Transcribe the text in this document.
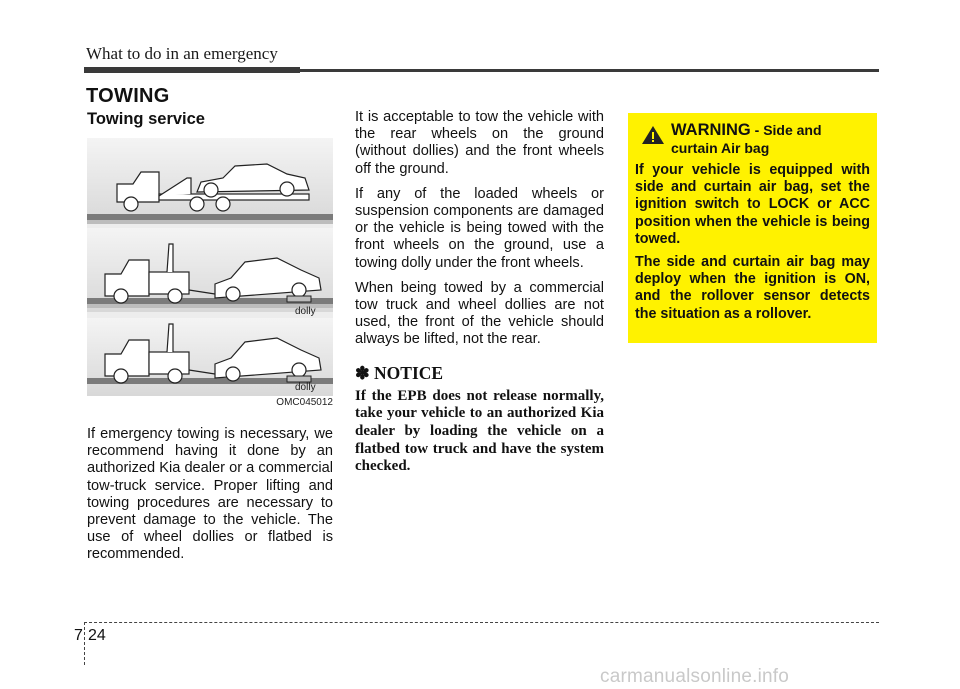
What to do in an emergency
TOWING
Towing service
dolly
dolly
OMC045012
If emergency towing is necessary, we recommend having it done by an authorized Kia dealer or a commercial tow-truck service. Proper lifting and towing procedures are necessary to prevent damage to the vehicle. The use of wheel dollies or flatbed is recommended.

It is acceptable to tow the vehicle with the rear wheels on the ground (without dollies) and the front wheels off the ground.

If any of the loaded wheels or suspension components are damaged or the vehicle is being towed with the front wheels on the ground, use a towing dolly under the front wheels.

When being towed by a commercial tow truck and wheel dollies are not used, the front of the vehicle should always be lifted, not the rear.

✽ NOTICE

If the EPB does not release normally, take your vehicle to an authorized Kia dealer by loading the vehicle on a flatbed tow truck and have the system checked.

WARNING - Side and
curtain Air bag

If your vehicle is equipped with side and curtain air bag, set the ignition switch to LOCK or ACC position when the vehicle is being towed.

The side and curtain air bag may deploy when the ignition is ON, and the rollover sensor detects the situation as a rollover.

7 24
carmanualsonline.info
